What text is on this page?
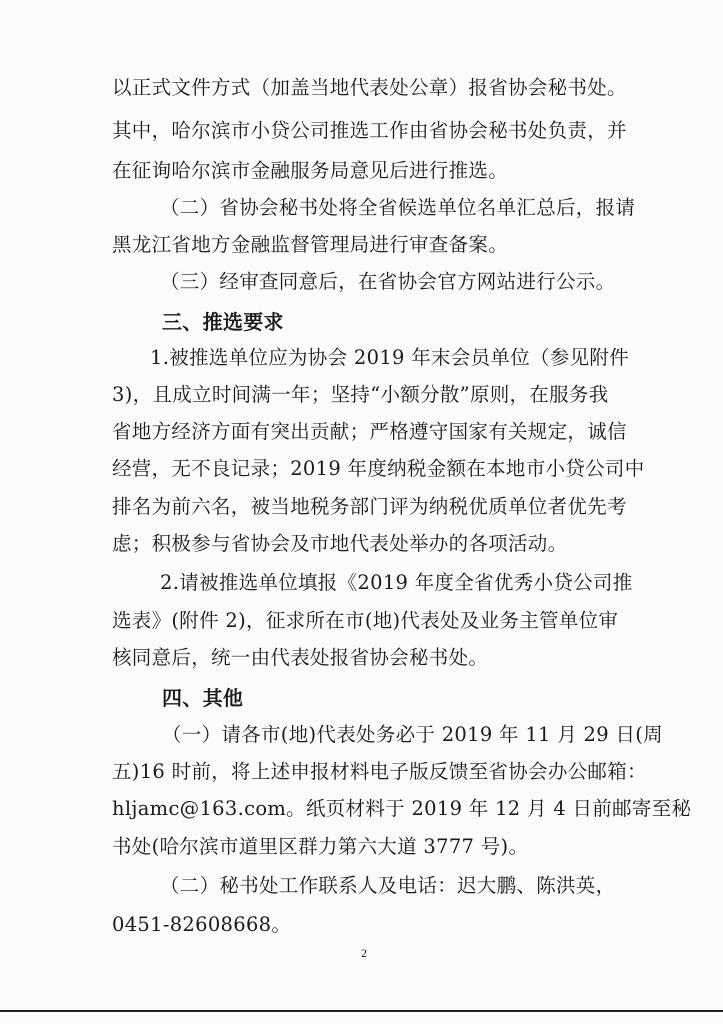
以正式文件方式（加盖当地代表处公章）报省协会秘书处。
其中，哈尔滨市小贷公司推选工作由省协会秘书处负责，并
在征询哈尔滨市金融服务局意见后进行推选。
（二）省协会秘书处将全省候选单位名单汇总后，报请
黑龙江省地方金融监督管理局进行审查备案。
（三）经审查同意后，在省协会官方网站进行公示。
三、推选要求
1.被推选单位应为协会 2019 年末会员单位（参见附件
3)，且成立时间满一年；坚持“小额分散”原则，在服务我
省地方经济方面有突出贡献；严格遵守国家有关规定，诚信
经营，无不良记录；2019 年度纳税金额在本地市小贷公司中
排名为前六名，被当地税务部门评为纳税优质单位者优先考
虑；积极参与省协会及市地代表处举办的各项活动。
2.请被推选单位填报《2019 年度全省优秀小贷公司推
选表》(附件 2)，征求所在市(地)代表处及业务主管单位审
核同意后，统一由代表处报省协会秘书处。
四、其他
（一）请各市(地)代表处务必于 2019 年 11 月 29 日(周
五)16 时前，将上述申报材料电子版反馈至省协会办公邮箱：
hljamc@163.com。纸页材料于 2019 年 12 月 4 日前邮寄至秘
书处(哈尔滨市道里区群力第六大道 3777 号)。
（二）秘书处工作联系人及电话：迟大鹏、陈洪英，
0451-82608668。
2
